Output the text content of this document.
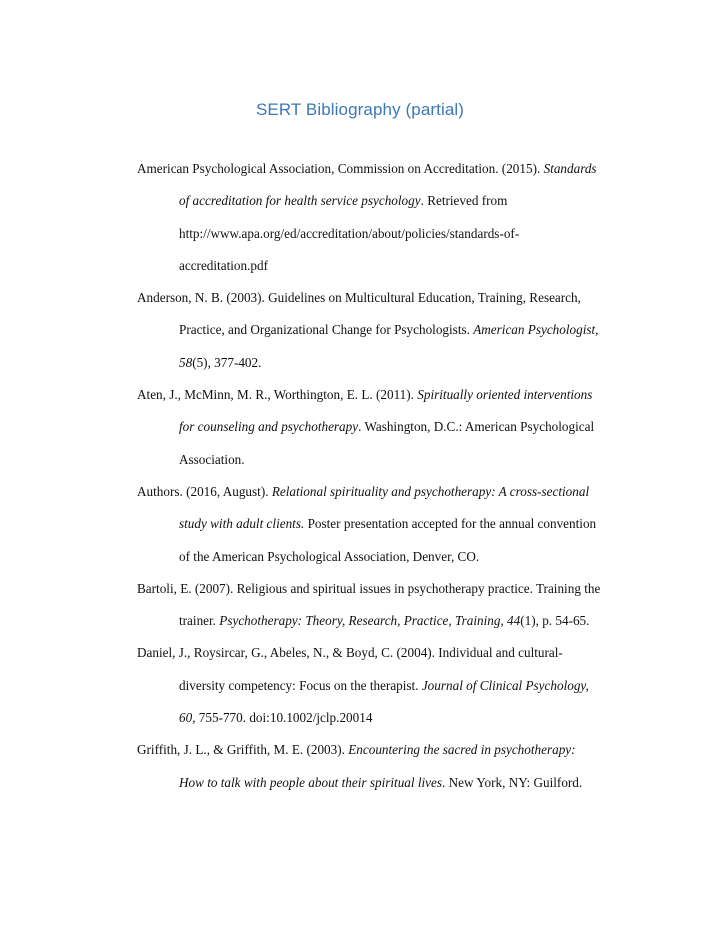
SERT Bibliography (partial)
American Psychological Association, Commission on Accreditation. (2015). Standards
of accreditation for health service psychology. Retrieved from
http://www.apa.org/ed/accreditation/about/policies/standards-of-
accreditation.pdf
Anderson, N. B. (2003). Guidelines on Multicultural Education, Training, Research,
Practice, and Organizational Change for Psychologists. American Psychologist,
58(5), 377-402.
Aten, J., McMinn, M. R., Worthington, E. L. (2011). Spiritually oriented interventions
for counseling and psychotherapy. Washington, D.C.: American Psychological
Association.
Authors. (2016, August). Relational spirituality and psychotherapy: A cross-sectional
study with adult clients. Poster presentation accepted for the annual convention
of the American Psychological Association, Denver, CO.
Bartoli, E. (2007). Religious and spiritual issues in psychotherapy practice. Training the
trainer. Psychotherapy: Theory, Research, Practice, Training, 44(1), p. 54-65.
Daniel, J., Roysircar, G., Abeles, N., & Boyd, C. (2004). Individual and cultural-
diversity competency: Focus on the therapist. Journal of Clinical Psychology,
60, 755-770. doi:10.1002/jclp.20014
Griffith, J. L., & Griffith, M. E. (2003). Encountering the sacred in psychotherapy:
How to talk with people about their spiritual lives. New York, NY: Guilford.
